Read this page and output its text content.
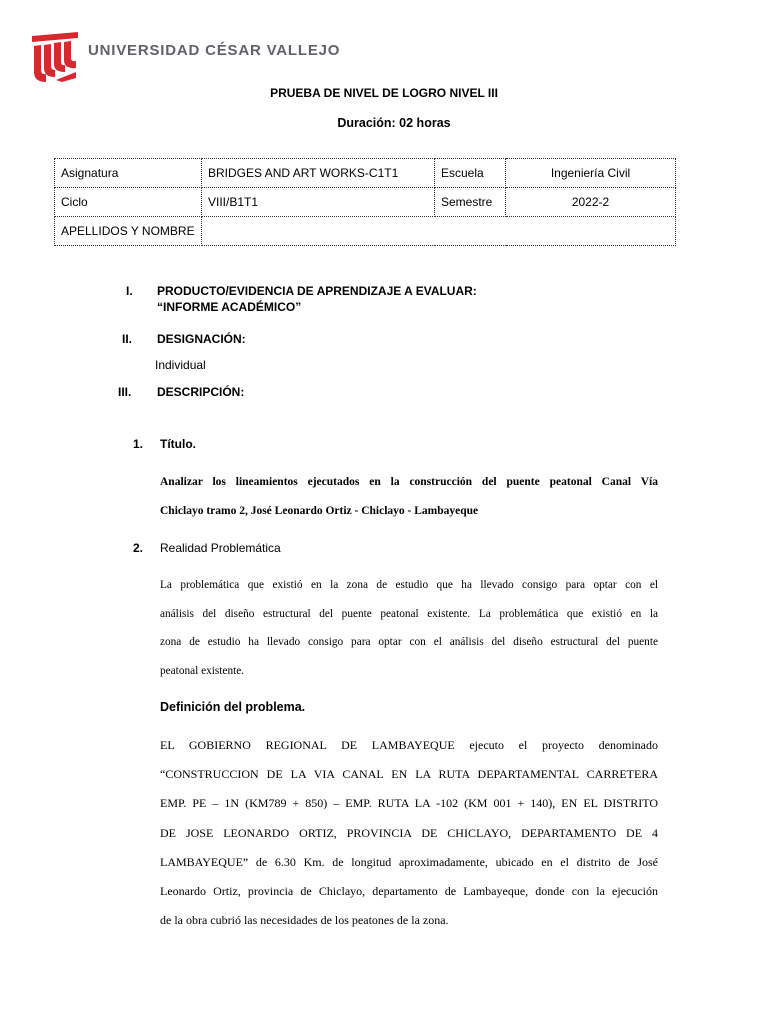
UNIVERSIDAD CÉSAR VALLEJO
PRUEBA DE NIVEL DE LOGRO NIVEL III
Duración: 02 horas
Asignatura	BRIDGES AND ART WORKS-C1T1	Escuela	Ingeniería Civil
Ciclo	VIII/B1T1	Semestre	2022-2
APELLIDOS Y NOMBRE			
I. PRODUCTO/EVIDENCIA DE APRENDIZAJE A EVALUAR:
“INFORME ACADÉMICO”
II. DESIGNACIÓN:
Individual
III. DESCRIPCIÓN:
1. Título.
Analizar los lineamientos ejecutados en la construcción del puente peatonal Canal Vía
Chiclayo tramo 2, José Leonardo Ortiz - Chiclayo - Lambayeque
2. Realidad Problemática
La problemática que existió en la zona de estudio que ha llevado consigo para optar con el
análisis del diseño estructural del puente peatonal existente. La problemática que existió en la
zona de estudio ha llevado consigo para optar con el análisis del diseño estructural del puente
peatonal existente.
Definición del problema.
EL GOBIERNO REGIONAL DE LAMBAYEQUE ejecuto el proyecto denominado
“CONSTRUCCION DE LA VIA CANAL EN LA RUTA DEPARTAMENTAL CARRETERA
EMP. PE – 1N (KM789 + 850) – EMP. RUTA LA -102 (KM 001 + 140), EN EL DISTRITO
DE JOSE LEONARDO ORTIZ, PROVINCIA DE CHICLAYO, DEPARTAMENTO DE 4
LAMBAYEQUE” de 6.30 Km. de longitud aproximadamente, ubicado en el distrito de José
Leonardo Ortiz, provincia de Chiclayo, departamento de Lambayeque, donde con la ejecución
de la obra cubrió las necesidades de los peatones de la zona.
